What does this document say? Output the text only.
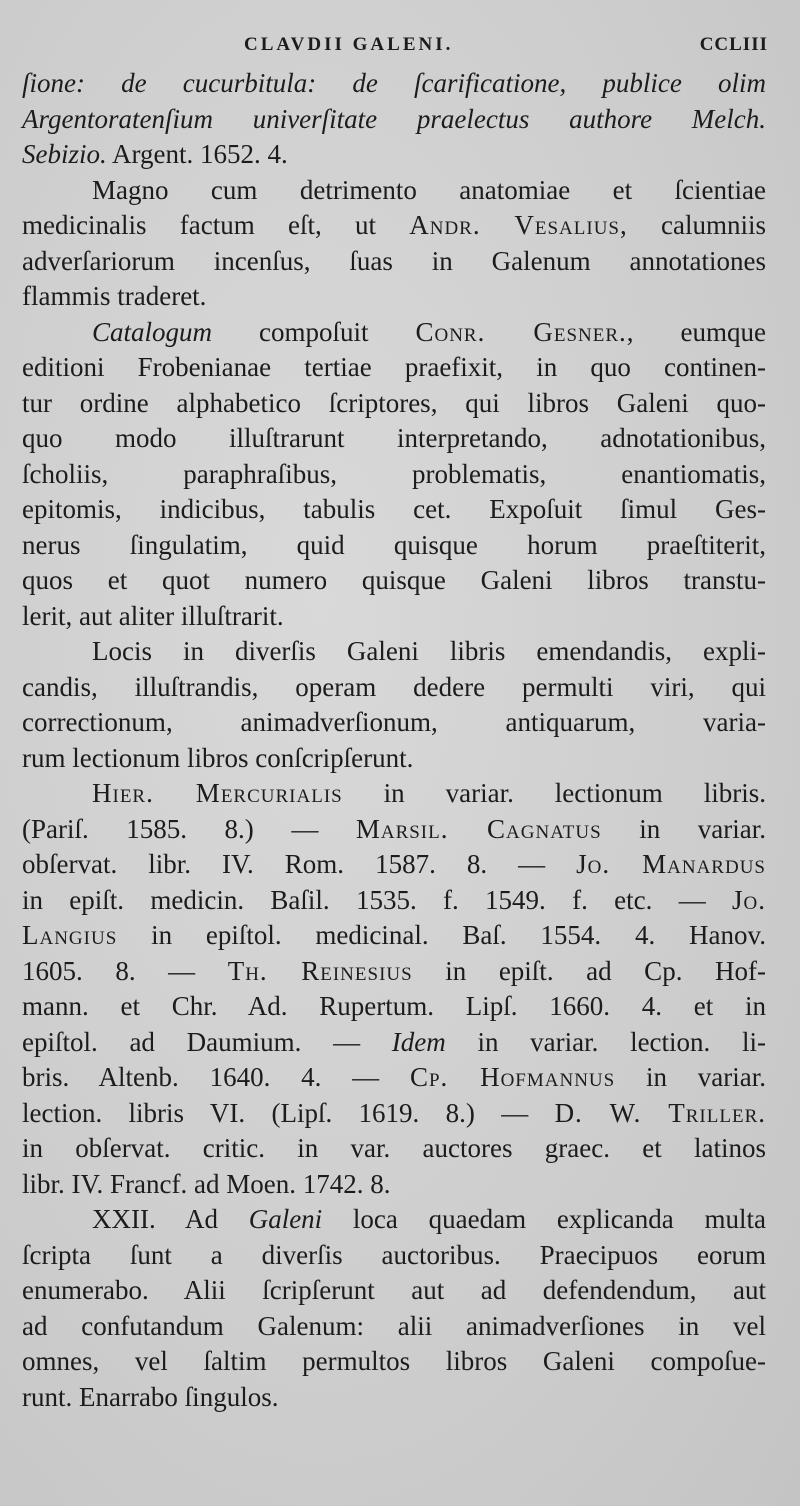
CLAVDII GALENI.	CCLIII
ſione: de cucurbitula: de ſcarificatione, publice olim
Argentoratenſium univerſitate praelectus authore Melch.
Sebizio. Argent. 1652. 4.
Magno cum detrimento anatomiae et ſcientiae
medicinalis factum eſt, ut Andr. Vesalius, calumniis
adverſariorum incenſus, ſuas in Galenum annotationes
flammis traderet.
Catalogum compoſuit Conr. Gesner., eumque
editioni Frobenianae tertiae praefixit, in quo continen-
tur ordine alphabetico ſcriptores, qui libros Galeni quo-
quo modo illuſtrarunt interpretando, adnotationibus,
ſcholiis, paraphraſibus, problematis, enantiomatis,
epitomis, indicibus, tabulis cet. Expoſuit ſimul Ges-
nerus ſingulatim, quid quisque horum praeſtiterit,
quos et quot numero quisque Galeni libros transtu-
lerit, aut aliter illuſtrarit.
Locis in diverſis Galeni libris emendandis, expli-
candis, illuſtrandis, operam dedere permulti viri, qui
correctionum, animadverſionum, antiquarum, varia-
rum lectionum libros conſcripſerunt.
Hier. Mercurialis in variar. lectionum libris.
(Pariſ. 1585. 8.) — Marsil. Cagnatus in variar.
obſervat. libr. IV. Rom. 1587. 8. — Jo. Manardus
in epiſt. medicin. Baſil. 1535. f. 1549. f. etc. — Jo.
Langius in epiſtol. medicinal. Baſ. 1554. 4. Hanov.
1605. 8. — Th. Reinesius in epiſt. ad Cp. Hof-
mann. et Chr. Ad. Rupertum. Lipſ. 1660. 4. et in
epiſtol. ad Daumium. — Idem in variar. lection. li-
bris. Altenb. 1640. 4. — Cp. Hofmannus in variar.
lection. libris VI. (Lipſ. 1619. 8.) — D. W. Triller.
in obſervat. critic. in var. auctores graec. et latinos
libr. IV. Francf. ad Moen. 1742. 8.
XXII. Ad Galeni loca quaedam explicanda multa
ſcripta ſunt a diverſis auctoribus. Praecipuos eorum
enumerabo. Alii ſcripſerunt aut ad defendendum, aut
ad confutandum Galenum: alii animadverſiones in vel
omnes, vel ſaltim permultos libros Galeni compoſue-
runt. Enarrabo ſingulos.
